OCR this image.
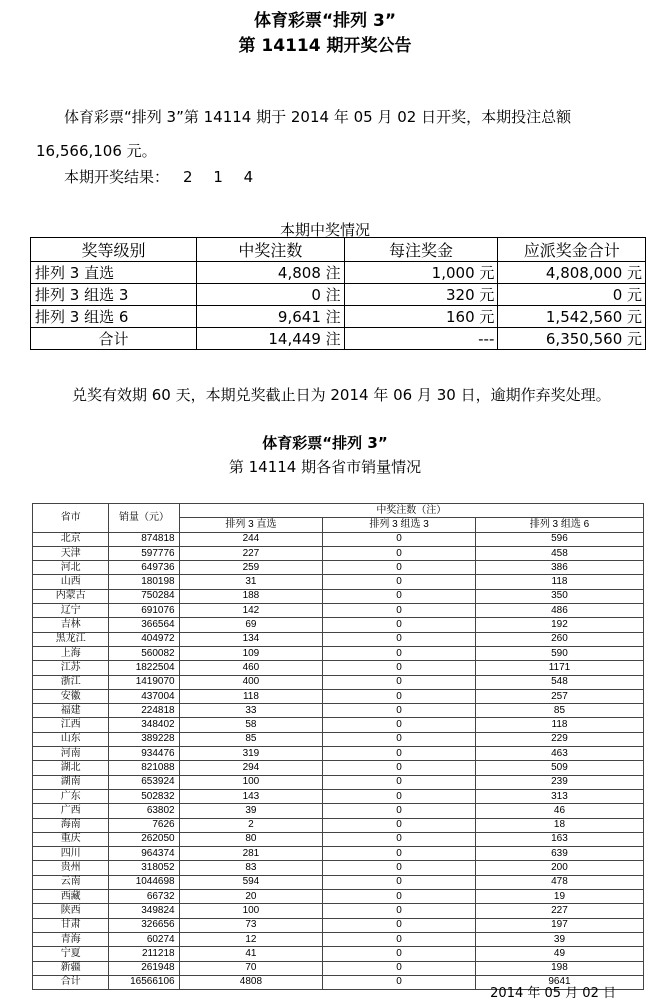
体育彩票“排列 3”
第 14114 期开奖公告

体育彩票“排列 3”第 14114 期于 2014 年 05 月 02 日开奖，本期投注总额 16,566,106 元。

本期开奖结果： 2 1 4
本期中奖情况
奖等级别	中奖注数	每注奖金	应派奖金合计
排列 3 直选	4,808 注	1,000 元	4,808,000 元
排列 3 组选 3	0 注	320 元	0 元
排列 3 组选 6	9,641 注	160 元	1,542,560 元
合计	14,449 注	---	6,350,560 元

兑奖有效期 60 天，本期兑奖截止日为 2014 年 06 月 30 日，逾期作弃奖处理。

体育彩票“排列 3”
第 14114 期各省市销量情况
省市	销量（元）	中奖注数（注）		
		排列 3 直选	排列 3 组选 3	排列 3 组选 6
北京	874818	244	0	596
天津	597776	227	0	458
河北	649736	259	0	386
山西	180198	31	0	118
内蒙古	750284	188	0	350
辽宁	691076	142	0	486
吉林	366564	69	0	192
黑龙江	404972	134	0	260
上海	560082	109	0	590
江苏	1822504	460	0	1171
浙江	1419070	400	0	548
安徽	437004	118	0	257
福建	224818	33	0	85
江西	348402	58	0	118
山东	389228	85	0	229
河南	934476	319	0	463
湖北	821088	294	0	509
湖南	653924	100	0	239
广东	502832	143	0	313
广西	63802	39	0	46
海南	7626	2	0	18
重庆	262050	80	0	163
四川	964374	281	0	639
贵州	318052	83	0	200
云南	1044698	594	0	478
西藏	66732	20	0	19
陕西	349824	100	0	227
甘肃	326656	73	0	197
青海	60274	12	0	39
宁夏	211218	41	0	49
新疆	261948	70	0	198
合计	16566106	4808	0	9641
2014 年 05 月 02 日
